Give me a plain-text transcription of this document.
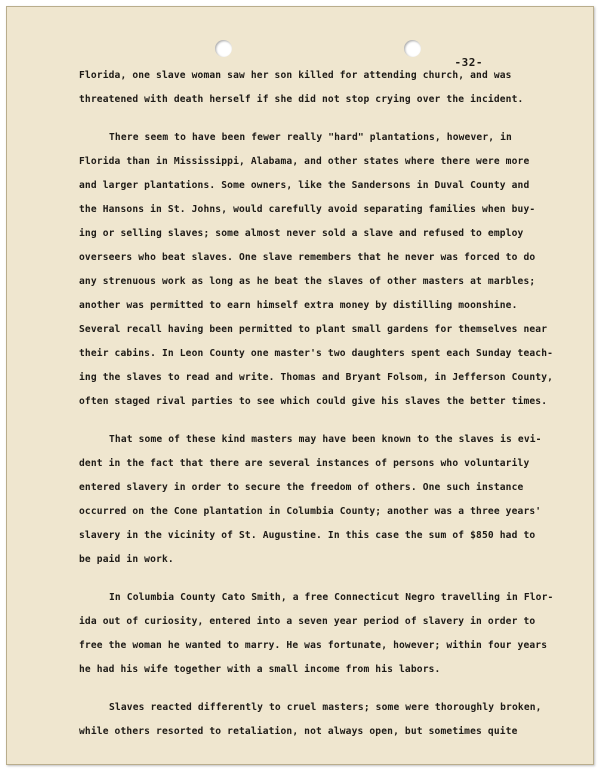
-32-
Florida, one slave woman saw her son killed for attending church, and was
threatened with death herself if she did not stop crying over the incident.
There seem to have been fewer really "hard" plantations, however, in
Florida than in Mississippi, Alabama, and other states where there were more
and larger plantations. Some owners, like the Sandersons in Duval County and
the Hansons in St. Johns, would carefully avoid separating families when buy-
ing or selling slaves; some almost never sold a slave and refused to employ
overseers who beat slaves. One slave remembers that he never was forced to do
any strenuous work as long as he beat the slaves of other masters at marbles;
another was permitted to earn himself extra money by distilling moonshine.
Several recall having been permitted to plant small gardens for themselves near
their cabins. In Leon County one master's two daughters spent each Sunday teach-
ing the slaves to read and write. Thomas and Bryant Folsom, in Jefferson County,
often staged rival parties to see which could give his slaves the better times.
That some of these kind masters may have been known to the slaves is evi-
dent in the fact that there are several instances of persons who voluntarily
entered slavery in order to secure the freedom of others. One such instance
occurred on the Cone plantation in Columbia County; another was a three years'
slavery in the vicinity of St. Augustine. In this case the sum of $850 had to
be paid in work.
In Columbia County Cato Smith, a free Connecticut Negro travelling in Flor-
ida out of curiosity, entered into a seven year period of slavery in order to
free the woman he wanted to marry. He was fortunate, however; within four years
he had his wife together with a small income from his labors.
Slaves reacted differently to cruel masters; some were thoroughly broken,
while others resorted to retaliation, not always open, but sometimes quite
